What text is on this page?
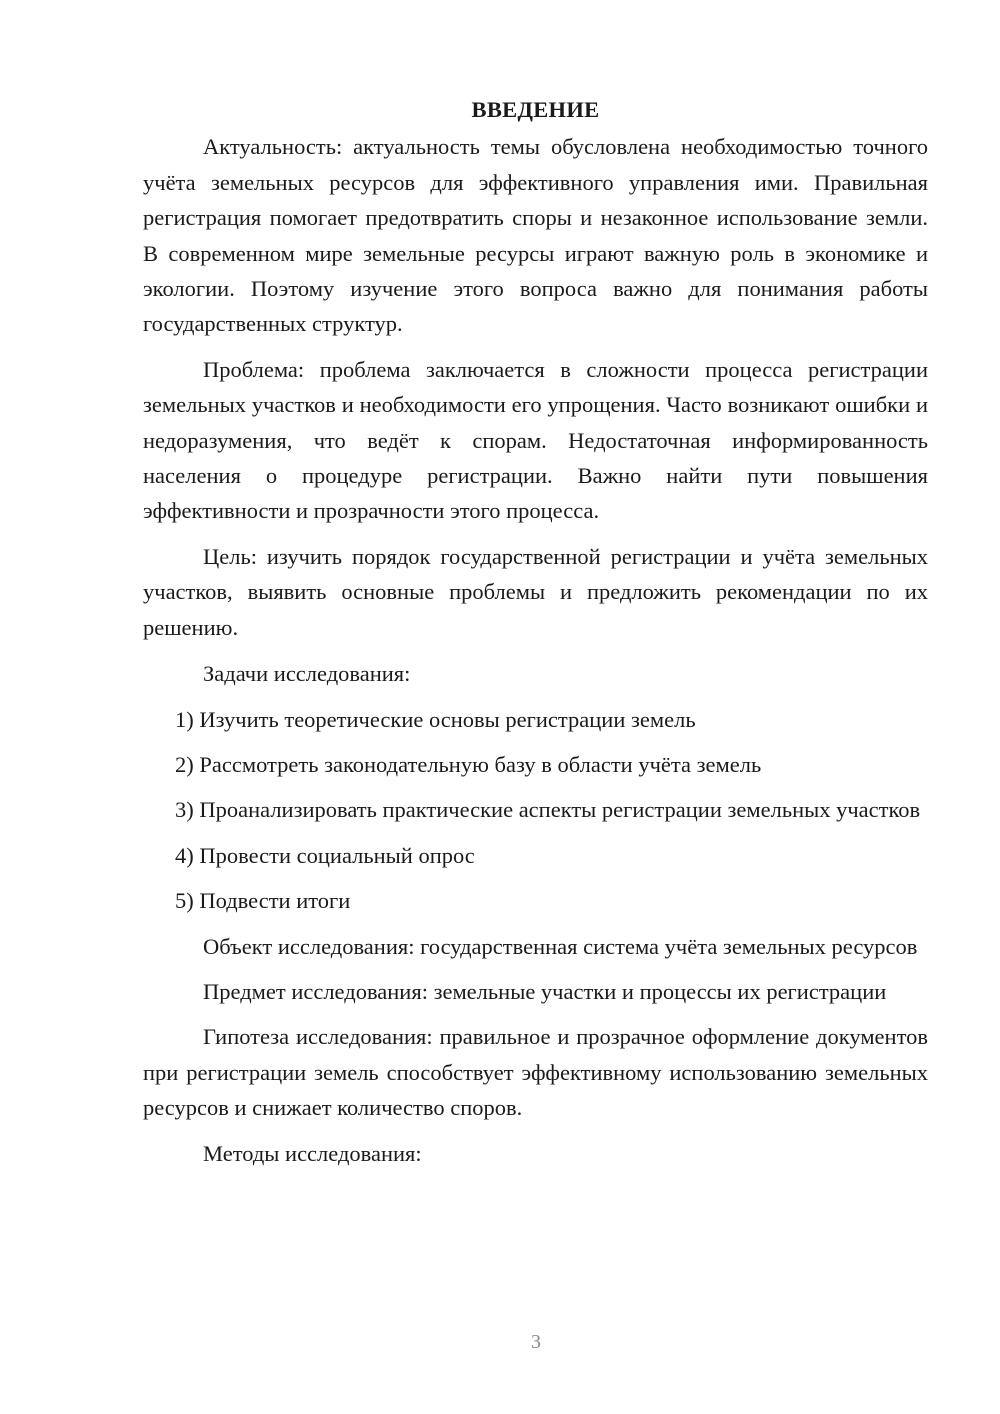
ВВЕДЕНИЕ

Актуальность: актуальность темы обусловлена необходимостью точного учёта земельных ресурсов для эффективного управления ими. Правильная регистрация помогает предотвратить споры и незаконное использование земли. В современном мире земельные ресурсы играют важную роль в экономике и экологии. Поэтому изучение этого вопроса важно для понимания работы государственных структур.

Проблема: проблема заключается в сложности процесса регистрации земельных участков и необходимости его упрощения. Часто возникают ошибки и недоразумения, что ведёт к спорам. Недостаточная информированность населения о процедуре регистрации. Важно найти пути повышения эффективности и прозрачности этого процесса.

Цель: изучить порядок государственной регистрации и учёта земельных участков, выявить основные проблемы и предложить рекомендации по их решению.

Задачи исследования:

1) Изучить теоретические основы регистрации земель

2) Рассмотреть законодательную базу в области учёта земель

3) Проанализировать практические аспекты регистрации земельных участков

4) Провести социальный опрос

5) Подвести итоги

Объект исследования: государственная система учёта земельных ресурсов

Предмет исследования: земельные участки и процессы их регистрации

Гипотеза исследования: правильное и прозрачное оформление документов при регистрации земель способствует эффективному использованию земельных ресурсов и снижает количество споров.

Методы исследования:

3
